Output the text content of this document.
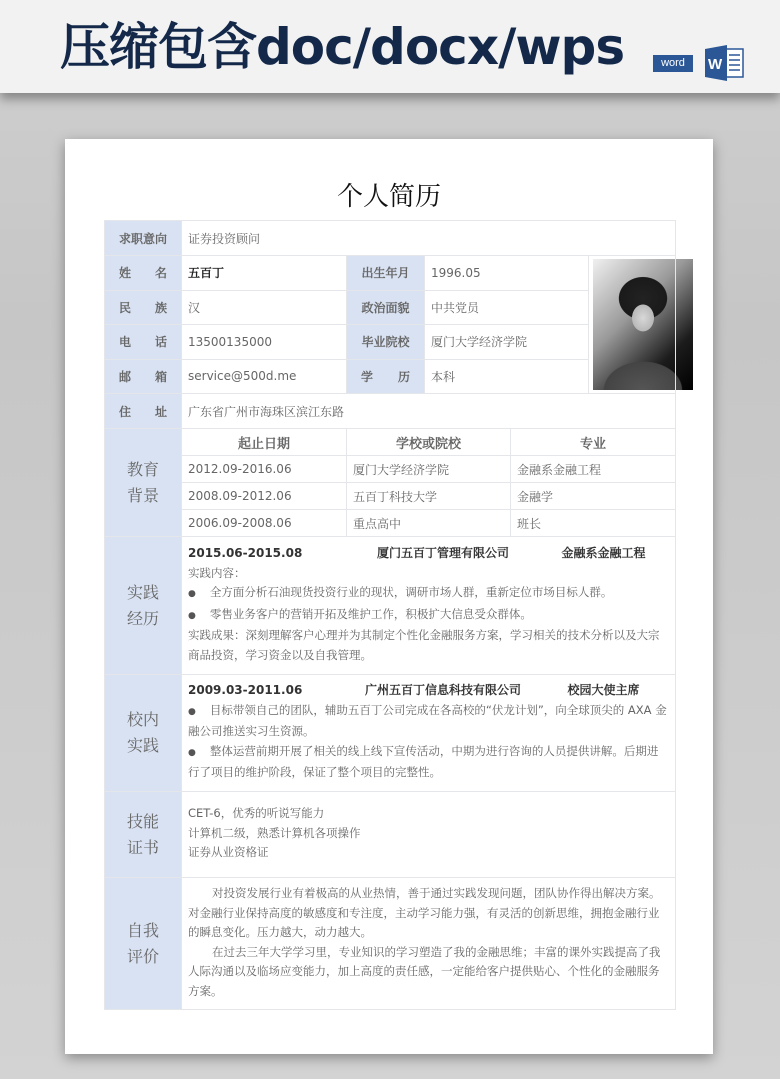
压缩包含doc/docx/wps	word	W
个人简历
求职意向	证券投资顾问				

姓 名	五百丁	出生年月	1996.05		

民 族	汉	政治面貌	中共党员		

电 话	13500135000	毕业院校	厦门大学经济学院		

邮 箱	service@500d.me	学 历	本科		

住 址	广东省广州市海珠区滨江东路				

教育
背景	起止日期	学校或院校		专业	
	2012.09-2016.06	厦门大学经济学院		金融系金融工程	
	2008.09-2012.06	五百丁科技大学		金融学	
	2006.09-2008.06	重点高中		班长	

实践
经历

2015.06-2015.08	厦门五百丁管理有限公司	金融系金融工程
实践内容：
● 全方面分析石油现货投资行业的现状，调研市场人群，重新定位市场目标人群。
● 零售业务客户的营销开拓及维护工作，积极扩大信息受众群体。
实践成果：深刻理解客户心理并为其制定个性化金融服务方案，学习相关的技术分析以及大宗商品投资，学习资金以及自我管理。

校内
实践

2009.03-2011.06	广州五百丁信息科技有限公司	校园大使主席
● 目标带领自己的团队，辅助五百丁公司完成在各高校的“伏龙计划”，向全球顶尖的 AXA 金融公司推送实习生资源。
● 整体运营前期开展了相关的线上线下宣传活动，中期为进行咨询的人员提供讲解。后期进行了项目的维护阶段，保证了整个项目的完整性。

技能
证书

CET-6，优秀的听说写能力
计算机二级，熟悉计算机各项操作
证券从业资格证

自我
评价

对投资发展行业有着极高的从业热情，善于通过实践发现问题，团队协作得出解决方案。对金融行业保持高度的敏感度和专注度，主动学习能力强，有灵活的创新思维，拥抱金融行业的瞬息变化。压力越大，动力越大。
在过去三年大学学习里，专业知识的学习塑造了我的金融思维；丰富的课外实践提高了我人际沟通以及临场应变能力，加上高度的责任感，一定能给客户提供贴心、个性化的金融服务方案。
